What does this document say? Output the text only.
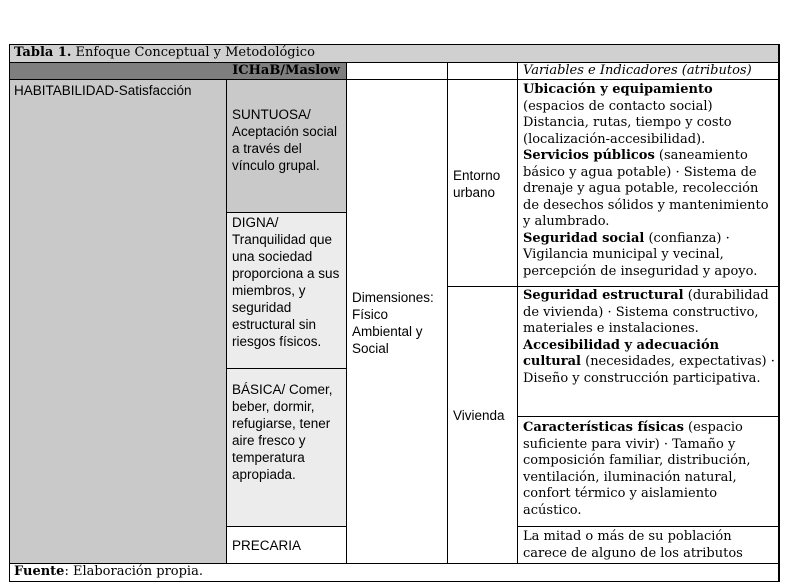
Tabla 1. Enfoque Conceptual y Metodológico
ICHaB/Maslow	Variables e Indicadores (atributos)
HABITABILIDAD-Satisfacción
SUNTUOSA/ Aceptación social a través del vínculo grupal.
DIGNA/ Tranquilidad que una sociedad proporciona a sus miembros, y seguridad estructural sin riesgos físicos.
BÁSICA/ Comer, beber, dormir, refugiarse, tener aire fresco y temperatura apropiada.
PRECARIA
Dimensiones: Físico Ambiental y Social
Entorno urbano
Vivienda
Ubicación y equipamiento (espacios de contacto social) Distancia, rutas, tiempo y costo (localización-accesibilidad).
Servicios públicos (saneamiento básico y agua potable) · Sistema de drenaje y agua potable, recolección de desechos sólidos y mantenimiento y alumbrado.
Seguridad social (confianza) · Vigilancia municipal y vecinal, percepción de inseguridad y apoyo.
Seguridad estructural (durabilidad de vivienda) · Sistema constructivo, materiales e instalaciones.
Accesibilidad y adecuación cultural (necesidades, expectativas) · Diseño y construcción participativa.
Características físicas (espacio suficiente para vivir) · Tamaño y composición familiar, distribución, ventilación, iluminación natural, confort térmico y aislamiento acústico.
La mitad o más de su población carece de alguno de los atributos
Fuente: Elaboración propia.
